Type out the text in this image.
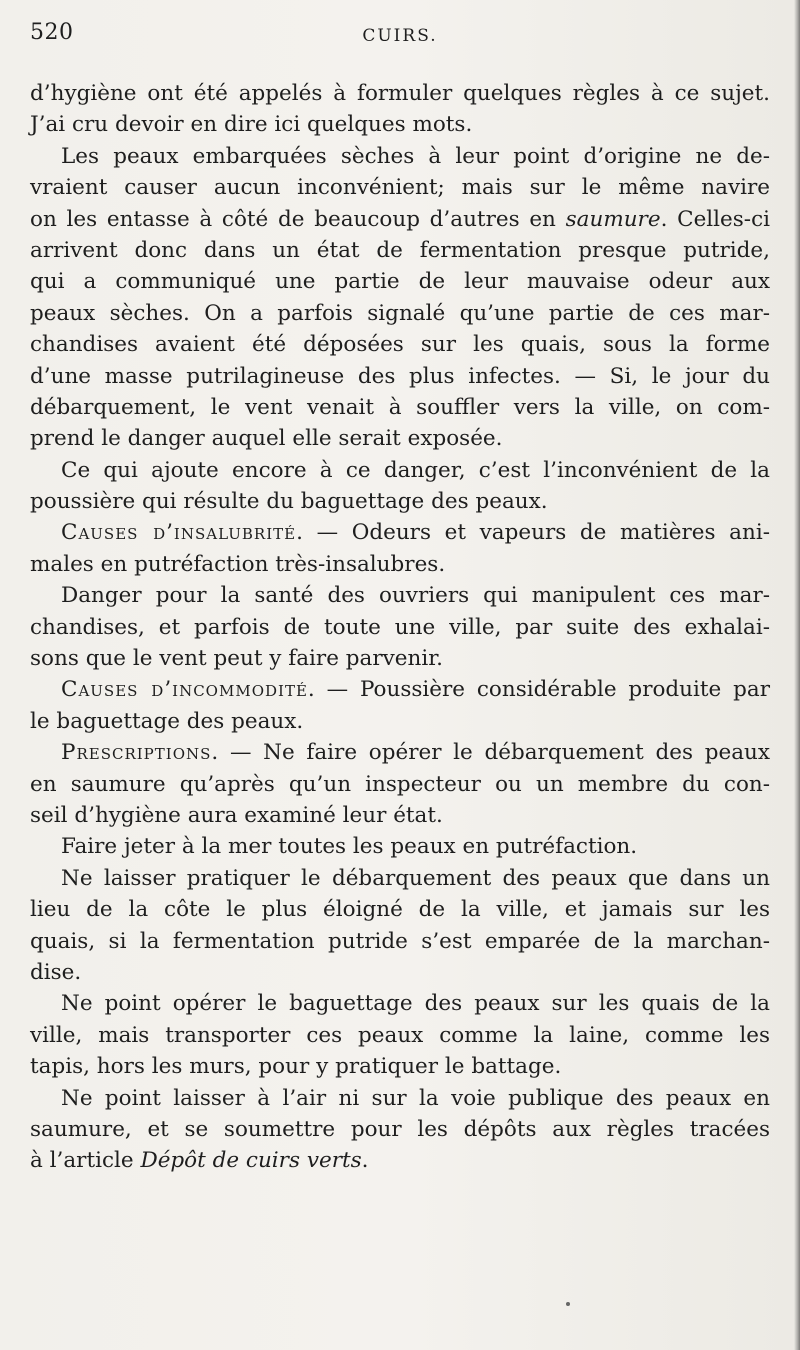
520	CUIRS.
d’hygiène ont été appelés à formuler quelques règles à ce sujet.
J’ai cru devoir en dire ici quelques mots.
Les peaux embarquées sèches à leur point d’origine ne de-
vraient causer aucun inconvénient; mais sur le même navire
on les entasse à côté de beaucoup d’autres en saumure. Celles-ci
arrivent donc dans un état de fermentation presque putride,
qui a communiqué une partie de leur mauvaise odeur aux
peaux sèches. On a parfois signalé qu’une partie de ces mar-
chandises avaient été déposées sur les quais, sous la forme
d’une masse putrilagineuse des plus infectes. — Si, le jour du
débarquement, le vent venait à souffler vers la ville, on com-
prend le danger auquel elle serait exposée.
Ce qui ajoute encore à ce danger, c’est l’inconvénient de la
poussière qui résulte du baguettage des peaux.
Causes d’insalubrité. — Odeurs et vapeurs de matières ani-
males en putréfaction très-insalubres.
Danger pour la santé des ouvriers qui manipulent ces mar-
chandises, et parfois de toute une ville, par suite des exhalai-
sons que le vent peut y faire parvenir.
Causes d’incommodité. — Poussière considérable produite par
le baguettage des peaux.
Prescriptions. — Ne faire opérer le débarquement des peaux
en saumure qu’après qu’un inspecteur ou un membre du con-
seil d’hygiène aura examiné leur état.
Faire jeter à la mer toutes les peaux en putréfaction.
Ne laisser pratiquer le débarquement des peaux que dans un
lieu de la côte le plus éloigné de la ville, et jamais sur les
quais, si la fermentation putride s’est emparée de la marchan-
dise.
Ne point opérer le baguettage des peaux sur les quais de la
ville, mais transporter ces peaux comme la laine, comme les
tapis, hors les murs, pour y pratiquer le battage.
Ne point laisser à l’air ni sur la voie publique des peaux en
saumure, et se soumettre pour les dépôts aux règles tracées
à l’article Dépôt de cuirs verts.
